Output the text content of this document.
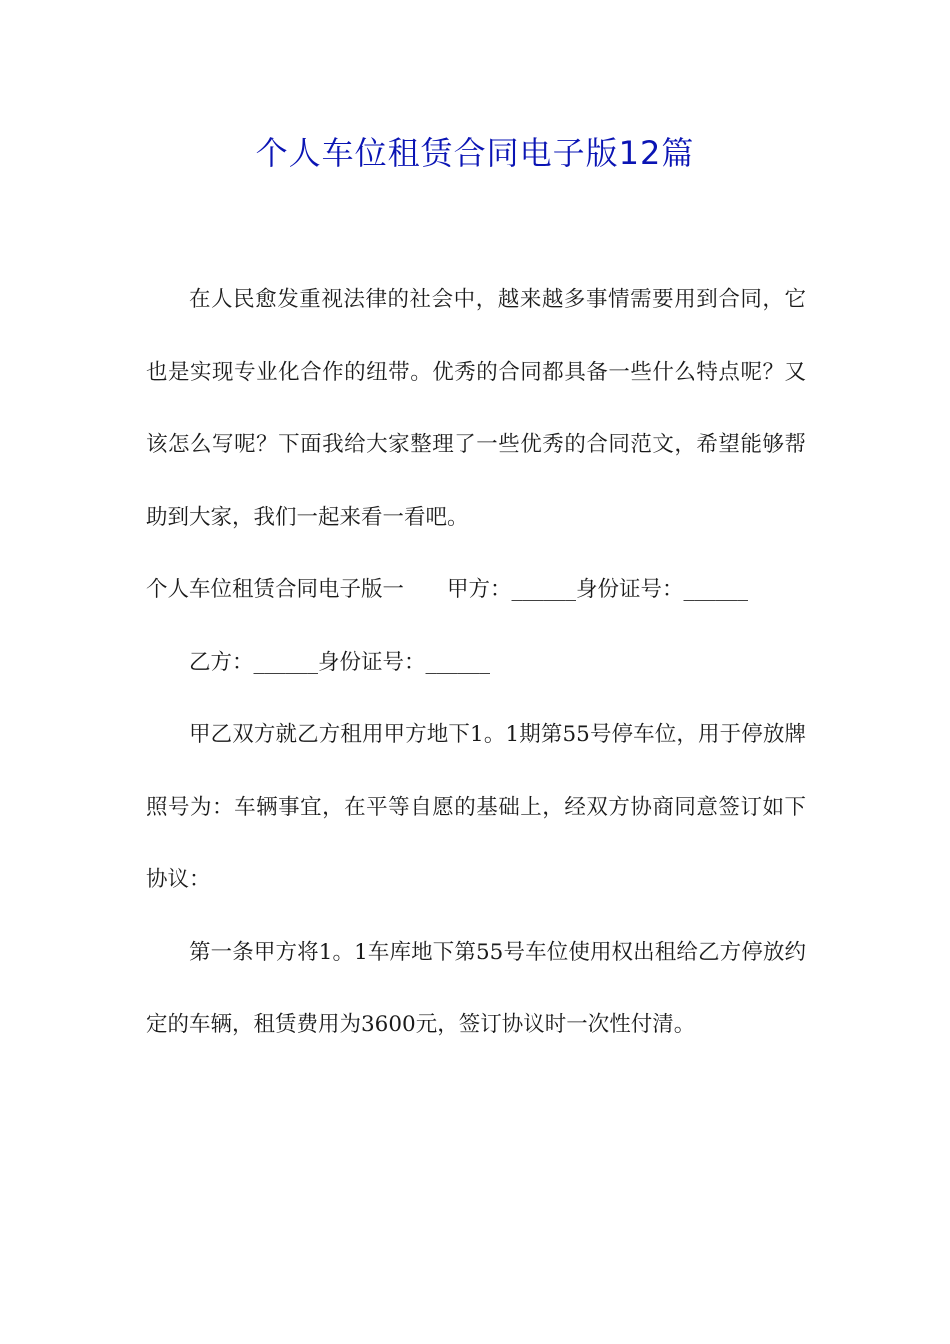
个人车位租赁合同电子版12篇

在人民愈发重视法律的社会中，越来越多事情需要用到合同，它也是实现专业化合作的纽带。优秀的合同都具备一些什么特点呢？又该怎么写呢？下面我给大家整理了一些优秀的合同范文，希望能够帮助到大家，我们一起来看一看吧。

个人车位租赁合同电子版一　　甲方：______身份证号：______

乙方：______身份证号：______

甲乙双方就乙方租用甲方地下1。1期第55号停车位，用于停放牌照号为：车辆事宜，在平等自愿的基础上，经双方协商同意签订如下协议：

第一条甲方将1。1车库地下第55号车位使用权出租给乙方停放约定的车辆，租赁费用为3600元，签订协议时一次性付清。
